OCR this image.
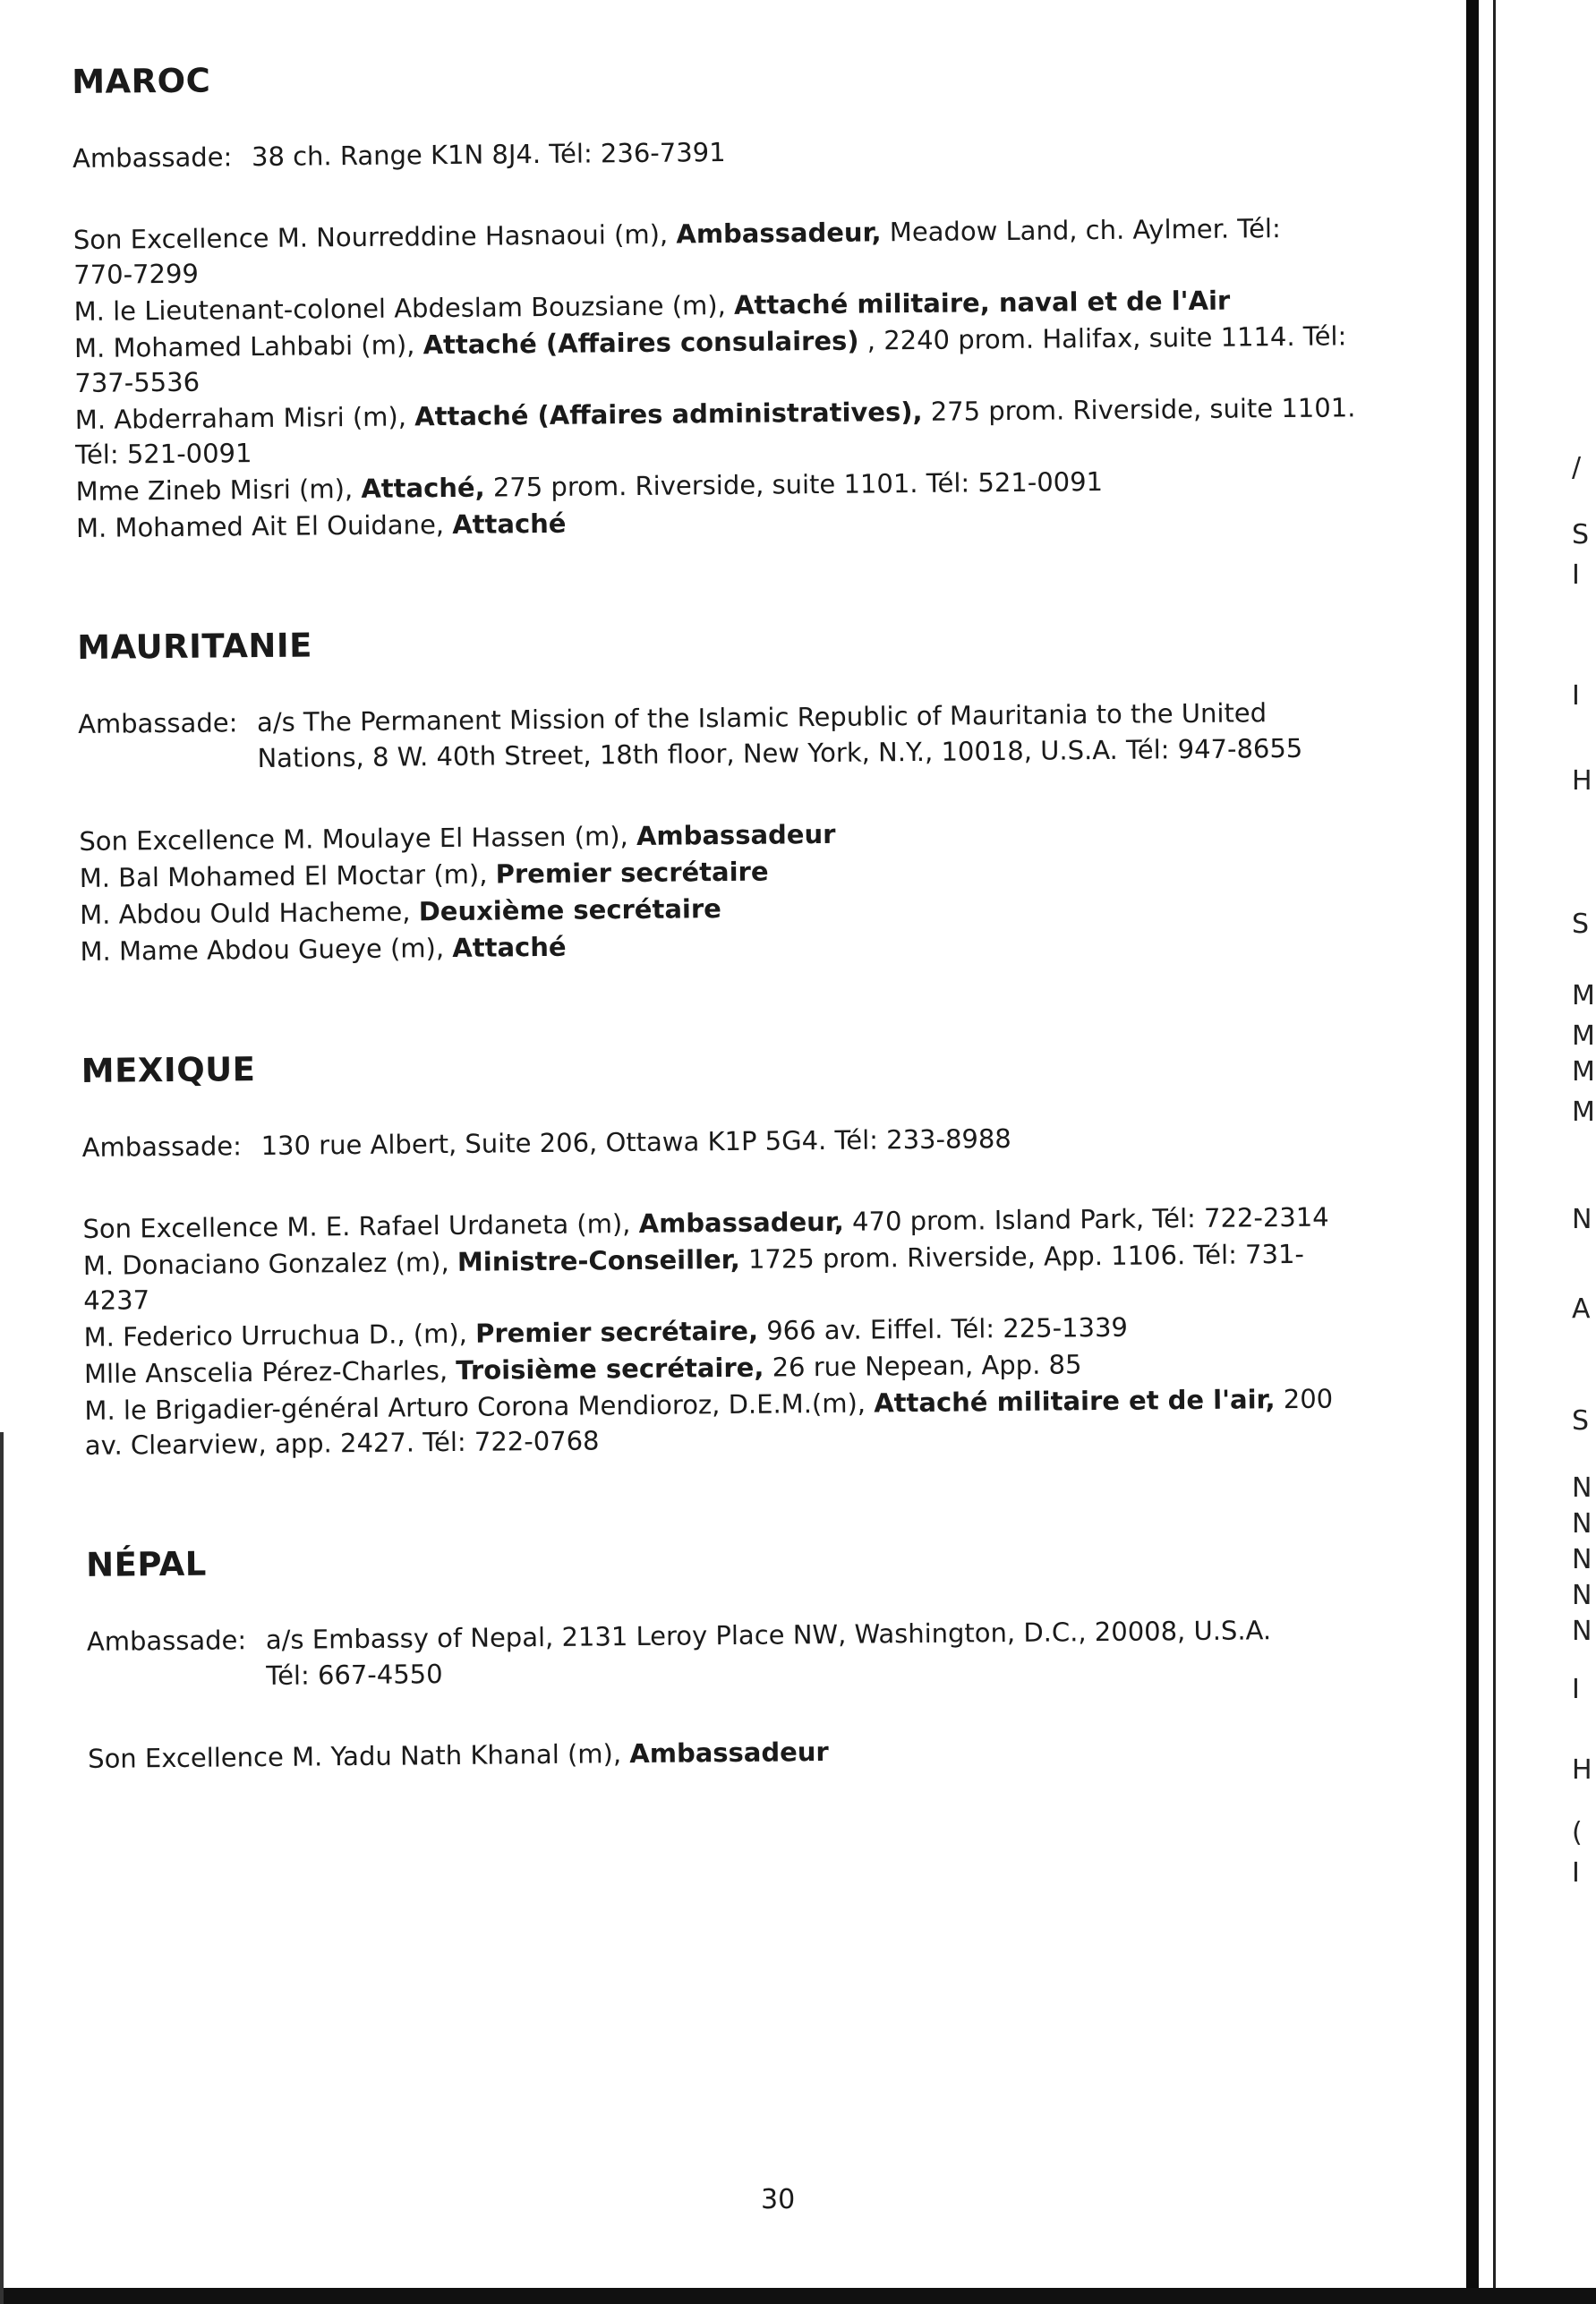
/
S
I
I
H
S
M
M
M
M
N
A
S
N
N
N
N
N
I
H
(
I
MAROC
Ambassade: 38 ch. Range K1N 8J4. Tél: 236-7391
Son Excellence M. Nourreddine Hasnaoui (m), Ambassadeur, Meadow Land, ch. Aylmer. Tél:
770-7299
M. le Lieutenant-colonel Abdeslam Bouzsiane (m), Attaché militaire, naval et de l'Air
M. Mohamed Lahbabi (m), Attaché (Affaires consulaires) , 2240 prom. Halifax, suite 1114. Tél:
737-5536
M. Abderraham Misri (m), Attaché (Affaires administratives), 275 prom. Riverside, suite 1101.
Tél: 521-0091
Mme Zineb Misri (m), Attaché, 275 prom. Riverside, suite 1101. Tél: 521-0091
M. Mohamed Ait El Ouidane, Attaché
MAURITANIE
Ambassade: a/s The Permanent Mission of the Islamic Republic of Mauritania to the United
Nations, 8 W. 40th Street, 18th floor, New York, N.Y., 10018, U.S.A. Tél: 947-8655
Son Excellence M. Moulaye El Hassen (m), Ambassadeur
M. Bal Mohamed El Moctar (m), Premier secrétaire
M. Abdou Ould Hacheme, Deuxième secrétaire
M. Mame Abdou Gueye (m), Attaché
MEXIQUE
Ambassade: 130 rue Albert, Suite 206, Ottawa K1P 5G4. Tél: 233-8988
Son Excellence M. E. Rafael Urdaneta (m), Ambassadeur, 470 prom. Island Park, Tél: 722-2314
M. Donaciano Gonzalez (m), Ministre-Conseiller, 1725 prom. Riverside, App. 1106. Tél: 731-
4237
M. Federico Urruchua D., (m), Premier secrétaire, 966 av. Eiffel. Tél: 225-1339
Mlle Anscelia Pérez-Charles, Troisième secrétaire, 26 rue Nepean, App. 85
M. le Brigadier-général Arturo Corona Mendioroz, D.E.M.(m), Attaché militaire et de l'air, 200
av. Clearview, app. 2427. Tél: 722-0768
NÉPAL
Ambassade: a/s Embassy of Nepal, 2131 Leroy Place NW, Washington, D.C., 20008, U.S.A.
Tél: 667-4550
Son Excellence M. Yadu Nath Khanal (m), Ambassadeur
30
